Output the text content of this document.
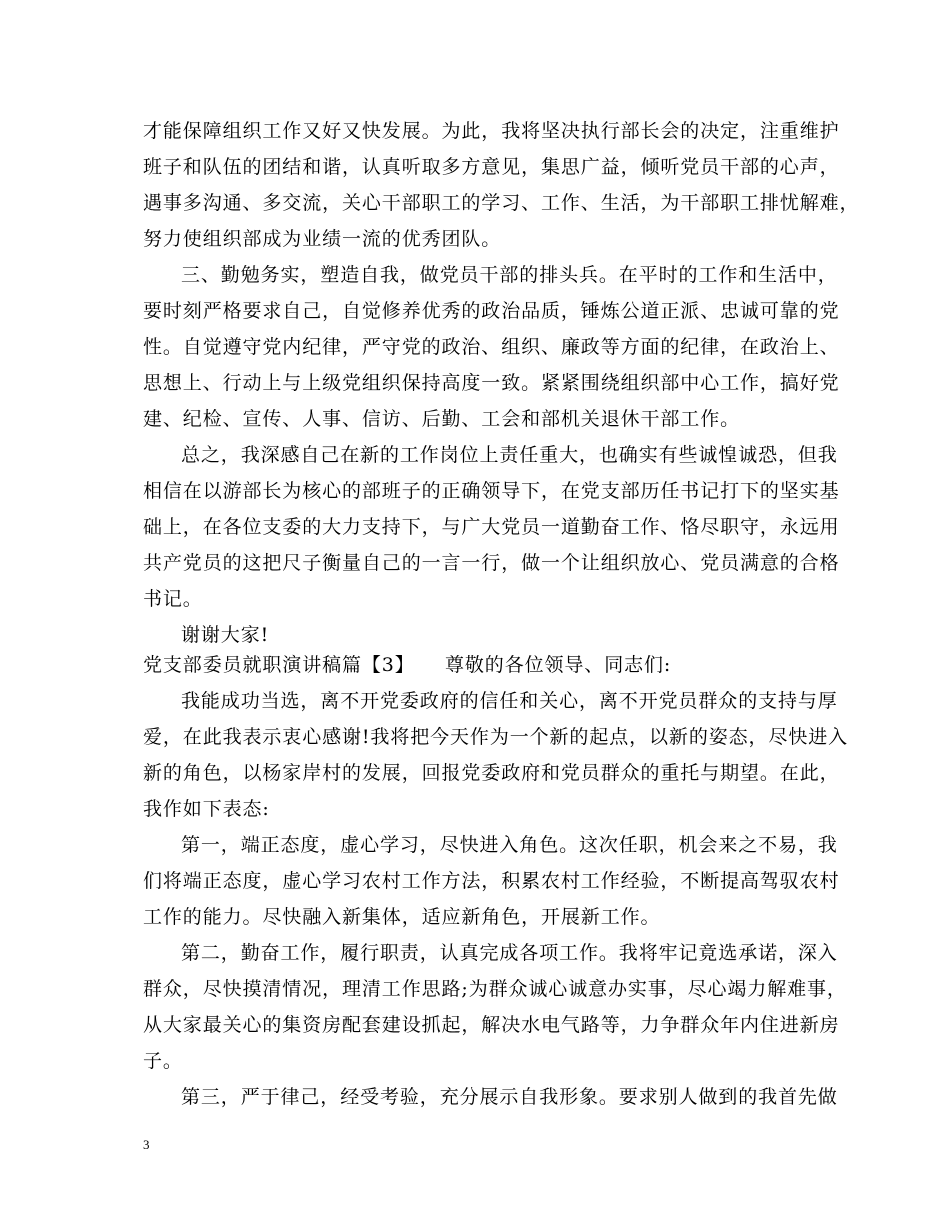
才能保障组织工作又好又快发展。为此，我将坚决执行部长会的决定，注重维护
班子和队伍的团结和谐，认真听取多方意见，集思广益，倾听党员干部的心声，
遇事多沟通、多交流，关心干部职工的学习、工作、生活，为干部职工排忧解难，
努力使组织部成为业绩一流的优秀团队。
三、勤勉务实，塑造自我，做党员干部的排头兵。在平时的工作和生活中，
要时刻严格要求自己，自觉修养优秀的政治品质，锤炼公道正派、忠诚可靠的党
性。自觉遵守党内纪律，严守党的政治、组织、廉政等方面的纪律，在政治上、
思想上、行动上与上级党组织保持高度一致。紧紧围绕组织部中心工作，搞好党
建、纪检、宣传、人事、信访、后勤、工会和部机关退休干部工作。
总之，我深感自己在新的工作岗位上责任重大，也确实有些诚惶诚恐，但我
相信在以游部长为核心的部班子的正确领导下，在党支部历任书记打下的坚实基
础上，在各位支委的大力支持下，与广大党员一道勤奋工作、恪尽职守，永远用
共产党员的这把尺子衡量自己的一言一行，做一个让组织放心、党员满意的合格
书记。
谢谢大家!
党支部委员就职演讲稿篇【3】　　尊敬的各位领导、同志们:
我能成功当选，离不开党委政府的信任和关心，离不开党员群众的支持与厚
爱，在此我表示衷心感谢!我将把今天作为一个新的起点，以新的姿态，尽快进入
新的角色，以杨家岸村的发展，回报党委政府和党员群众的重托与期望。在此，
我作如下表态:
第一，端正态度，虚心学习，尽快进入角色。这次任职，机会来之不易，我
们将端正态度，虚心学习农村工作方法，积累农村工作经验，不断提高驾驭农村
工作的能力。尽快融入新集体，适应新角色，开展新工作。
第二，勤奋工作，履行职责，认真完成各项工作。我将牢记竟选承诺，深入
群众，尽快摸清情况，理清工作思路;为群众诚心诚意办实事，尽心竭力解难事，
从大家最关心的集资房配套建设抓起，解决水电气路等，力争群众年内住进新房
子。
第三，严于律己，经受考验，充分展示自我形象。要求别人做到的我首先做
3
